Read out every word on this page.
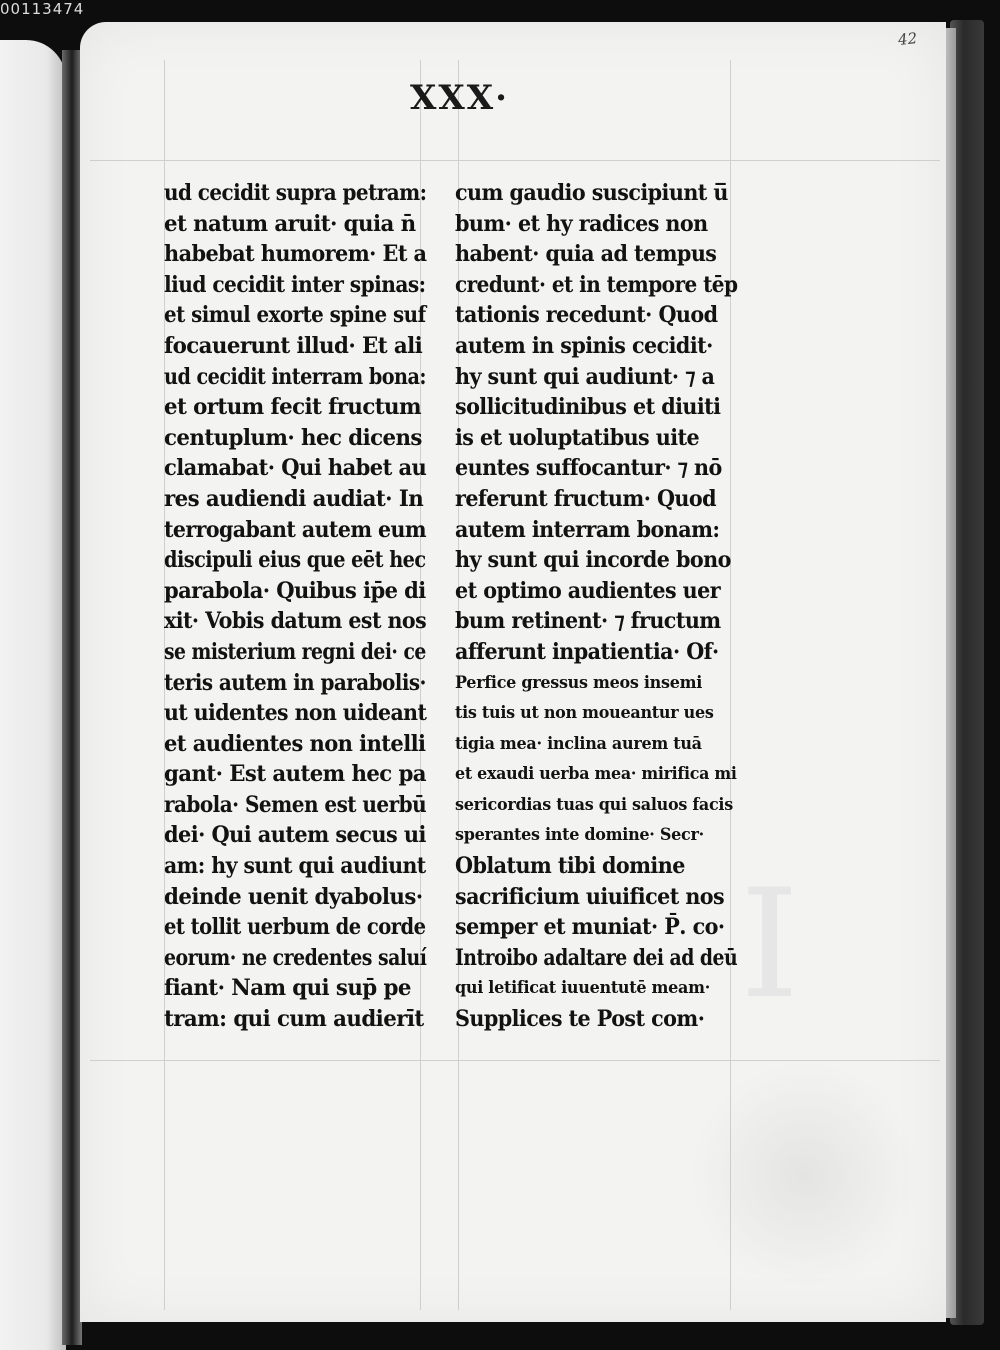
00113474
I
42
XXX·
ud cecidit supra petram:
et natum aruit· quia n̄
habebat humorem· Et a
liud cecidit inter spinas:
et simul exorte spine suf
focauerunt illud· Et ali
ud cecidit interram bona:
et ortum fecit fructum
centuplum· hec dicens
clamabat· Qui habet au
res audiendi audiat· In
terrogabant autem eum
discipuli eius que eēt hec
parabola· Quibus ip̄e di
xit· Vobis datum est nos
se misterium regni dei· ce
teris autem in parabolis·
ut uidentes non uideant
et audientes non intelli
gant· Est autem hec pa
rabola· Semen est uerbū
dei· Qui autem secus ui
am: hy sunt qui audiunt
deinde uenit dyabolus·
et tollit uerbum de corde
eorum· ne credentes saluí
fiant· Nam qui sup̄ pe
tram: qui cum audierīt
cum gaudio suscipiunt u̅
bum· et hy radices non
habent· quia ad tempus
credunt· et in tempore tēp
tationis recedunt· Quod
autem in spinis cecidit·
hy sunt qui audiunt· ⁊ a
sollicitudinibus et diuiti
is et uoluptatibus uite
euntes suffocantur· ⁊ nō
referunt fructum· Quod
autem interram bonam:
hy sunt qui incorde bono
et optimo audientes uer
bum retinent· ⁊ fructum
afferunt inpatientia· Of·
Perfice gressus meos insemi
tis tuis ut non moueantur ues
tigia mea· inclina aurem tuā
et exaudi uerba mea· mirifica mi
sericordias tuas qui saluos facis
sperantes inte domine· Secr·
Oblatum tibi domine
sacrificium uiuificet nos
semper et muniat· P̄. co·
Introibo adaltare dei ad deū
qui letificat iuuentutē meam·
Supplices te Post com·
